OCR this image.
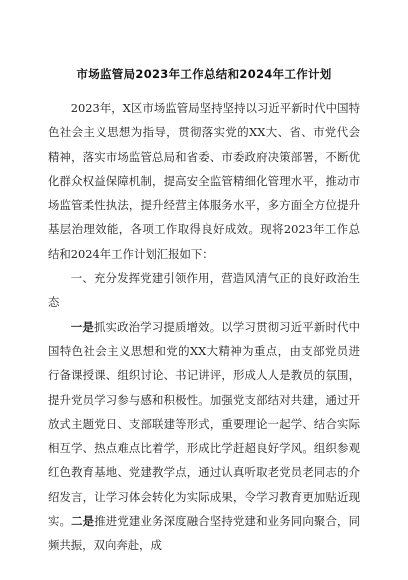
市场监管局2023年工作总结和2024年工作计划

2023年，X区市场监管局坚持坚持以习近平新时代中国特色社会主义思想为指导，贯彻落实党的XX大、省、市党代会精神，落实市场监管总局和省委、市委政府决策部署，不断优化群众权益保障机制，提高安全监管精细化管理水平，推动市场监管柔性执法，提升经营主体服务水平，多方面全方位提升基层治理效能，各项工作取得良好成效。现将2023年工作总结和2024年工作计划汇报如下：

一、充分发挥党建引领作用，营造风清气正的良好政治生态

一是抓实政治学习提质增效。以学习贯彻习近平新时代中国特色社会主义思想和党的XX大精神为重点，由支部党员进行备课授课、组织讨论、书记讲评，形成人人是教员的氛围，提升党员学习参与感和积极性。加强党支部结对共建，通过开放式主题党日、支部联建等形式，重要理论一起学、结合实际相互学、热点难点比着学，形成比学赶超良好学风。组织参观红色教育基地、党建教学点，通过认真听取老党员老同志的介绍发言，让学习体会转化为实际成果，令学习教育更加贴近现实。二是推进党建业务深度融合坚持党建和业务同向聚合，同频共振，双向奔赴，成
